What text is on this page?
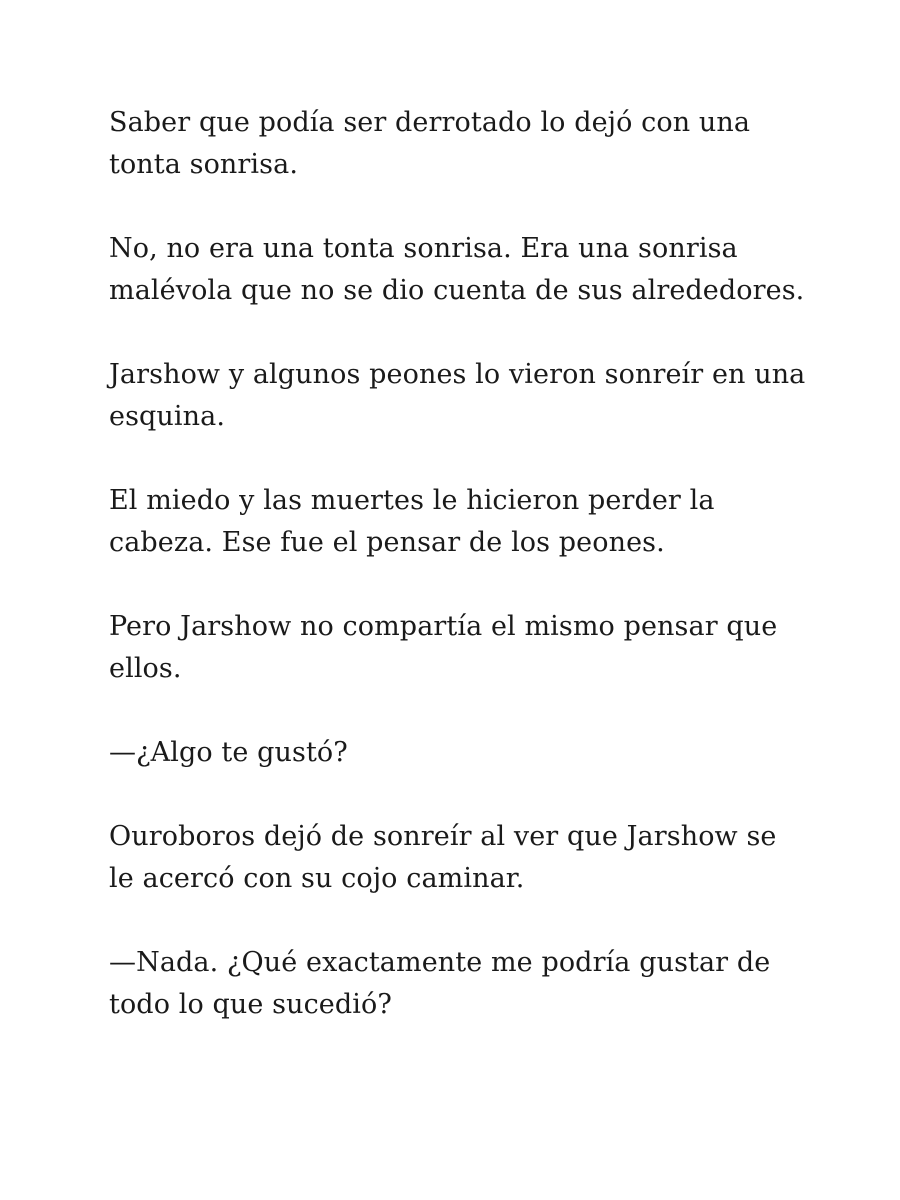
Saber que podía ser derrotado lo dejó con una tonta sonrisa.

No, no era una tonta sonrisa. Era una sonrisa malévola que no se dio cuenta de sus alrededores.

Jarshow y algunos peones lo vieron sonreír en una esquina.

El miedo y las muertes le hicieron perder la cabeza. Ese fue el pensar de los peones.

Pero Jarshow no compartía el mismo pensar que ellos.

—¿Algo te gustó?

Ouroboros dejó de sonreír al ver que Jarshow se le acercó con su cojo caminar.

—Nada. ¿Qué exactamente me podría gustar de todo lo que sucedió?
